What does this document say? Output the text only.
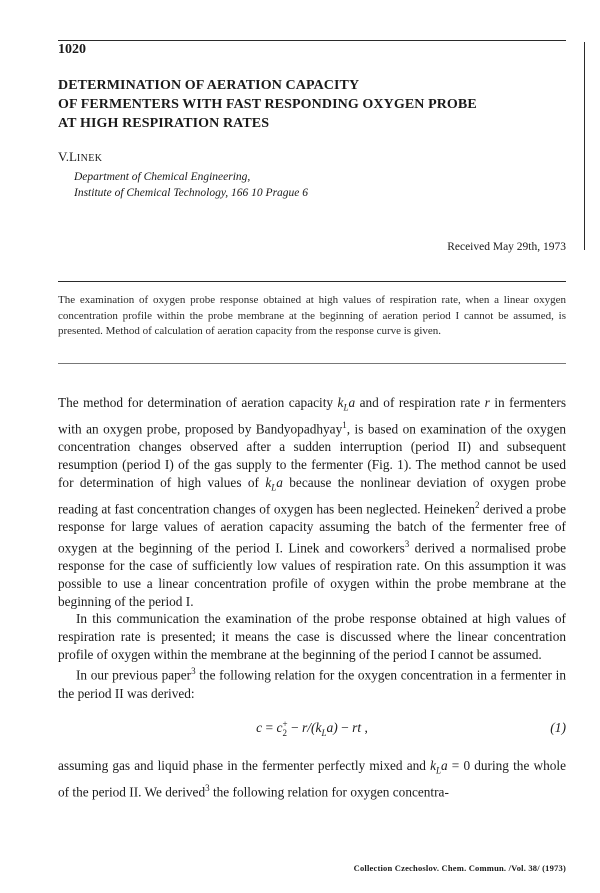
1020
DETERMINATION OF AERATION CAPACITY
OF FERMENTERS WITH FAST RESPONDING OXYGEN PROBE
AT HIGH RESPIRATION RATES
V.LINEK
Department of Chemical Engineering,
Institute of Chemical Technology, 166 10 Prague 6
Received May 29th, 1973
The examination of oxygen probe response obtained at high values of respiration rate, when a linear oxygen concentration profile within the probe membrane at the beginning of aeration period I cannot be assumed, is presented. Method of calculation of aeration capacity from the response curve is given.

The method for determination of aeration capacity $k_La$ and of respiration rate r in fermenters with an oxygen probe, proposed by Bandyopadhyay$^1$, is based on examination of the oxygen concentration changes observed after a sudden interruption (period II) and subsequent resumption (period I) of the gas supply to the fermenter (Fig. 1). The method cannot be used for determination of high values of $k_La$ because the nonlinear deviation of oxygen probe reading at fast concentration changes of oxygen has been neglected. Heineken$^2$ derived a probe response for large values of aeration capacity assuming the batch of the fermenter free of oxygen at the beginning of the period I. Linek and coworkers$^3$ derived a normalised probe response for the case of sufficiently low values of respiration rate. On this assumption it was possible to use a linear concentration profile of oxygen within the probe membrane at the beginning of the period I.

In this communication the examination of the probe response obtained at high values of respiration rate is presented; it means the case is discussed where the linear concentration profile of oxygen within the membrane at the beginning of the period I cannot be assumed.

In our previous paper$^3$ the following relation for the oxygen concentration in a fermenter in the period II was derived:

c = c +
$2 - r/(k_La)$ − rt ,	(1)
assuming gas and liquid phase in the fermenter perfectly mixed and $k_La = 0$ during the whole of the period II. We derived$^3$ the following relation for oxygen concentra-
Collection Czechoslov. Chem. Commun. /Vol. 38/ (1973)
